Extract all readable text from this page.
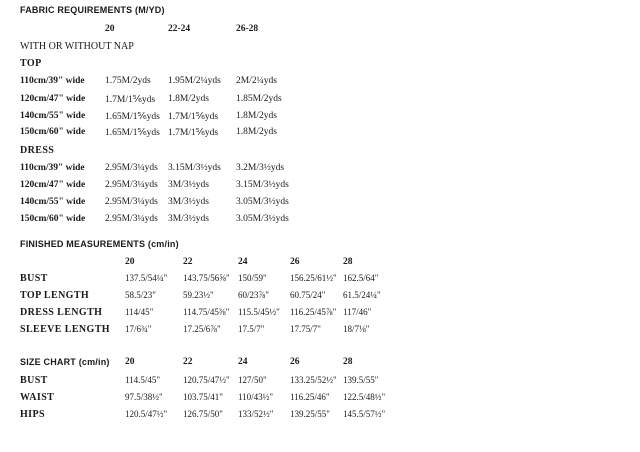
FABRIC REQUIREMENTS (M/YD)
20	22-24	26-28
WITH OR WITHOUT NAP
TOP
110cm/39" wide 1.75M/2yds 1.95M/2¼yds 2M/2¼yds
120cm/47" wide 1.7M/1⅚yds 1.8M/2yds	1.85M/2yds
140cm/55" wide 1.65M/1⅚yds 1.7M/1⅚yds 1.8M/2yds
150cm/60" wide 1.65M/1⅚yds 1.7M/1⅚yds 1.8M/2yds
DRESS
110cm/39" wide 2.95M/3¼yds 3.15M/3½yds 3.2M/3½yds
120cm/47" wide 2.95M/3¼yds 3M/3½yds	3.15M/3½yds
140cm/55" wide 2.95M/3¼yds 3M/3½yds	3.05M/3½yds
150cm/60" wide 2.95M/3¼yds 3M/3½yds	3.05M/3½yds
FINISHED MEASUREMENTS (cm/in)
20	22	24	26	28
BUST	137.5/54¼" 143.75/56⅝" 150/59"	156.25/61½" 162.5/64"
TOP LENGTH	58.5/23"	59.23½"	60/23⅞" 60.75/24" 61.5/24¼"
DRESS LENGTH	114/45"	114.75/45⅜" 115.5/45½" 116.25/45⅞" 117/46"
SLEEVE LENGTH 17/6¾"	17.25/6⅞" 17.5/7"	17.75/7" 18/7⅛"
SIZE CHART (cm/in) 20	22	24	26	28
BUST	114.5/45"	120.75/47½" 127/50"	133.25/52½" 139.5/55"
WAIST	97.5/38½" 103.75/41" 110/43½" 116.25/46" 122.5/48½"
HIPS	120.5/47½" 126.75/50" 133/52½" 139.25/55" 145.5/57½"
